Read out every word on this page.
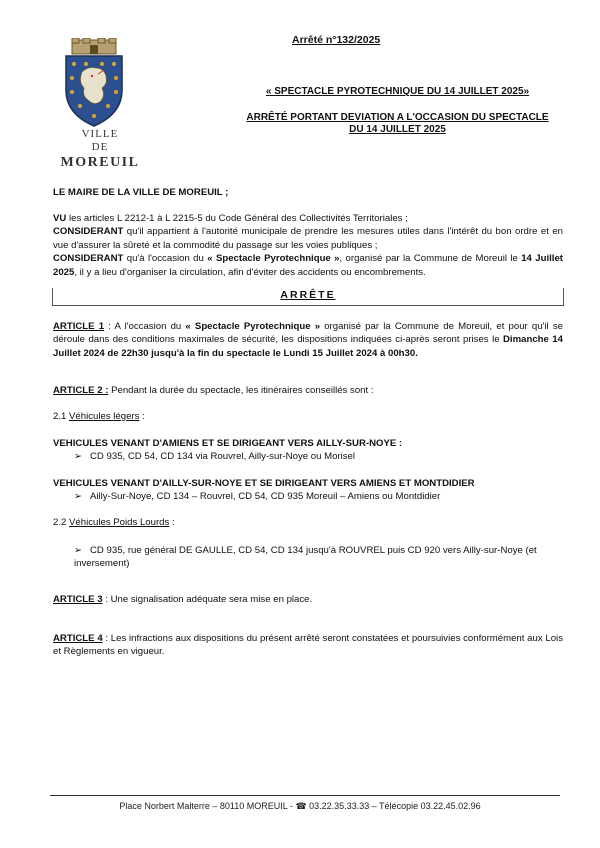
VILLE
DE
MOREUIL
Arrêté n°132/2025
« SPECTACLE PYROTECHNIQUE DU 14 JUILLET 2025»
ARRÊTÉ PORTANT DEVIATION A L'OCCASION DU SPECTACLE
DU 14 JUILLET 2025
LE MAIRE DE LA VILLE DE MOREUIL ;
VU les articles L 2212-1 à L 2215-5 du Code Général des Collectivités Territoriales ;
CONSIDERANT qu'il appartient à l'autorité municipale de prendre les mesures utiles dans l'intérêt du bon ordre et en vue d'assurer la sûreté et la commodité du passage sur les voies publiques ;
CONSIDERANT qu'à l'occasion du « Spectacle Pyrotechnique », organisé par la Commune de Moreuil le 14 Juillet 2025, il y a lieu d'organiser la circulation, afin d'éviter des accidents ou encombrements.
ARRÊTE
ARTICLE 1 : A l'occasion du « Spectacle Pyrotechnique » organisé par la Commune de Moreuil, et pour qu'il se déroule dans des conditions maximales de sécurité, les dispositions indiquées ci-après seront prises le Dimanche 14 Juillet 2024 de 22h30 jusqu'à la fin du spectacle le Lundi 15 Juillet 2024 à 00h30.
ARTICLE 2 : Pendant la durée du spectacle, les itinéraires conseillés sont :
2.1 Véhicules légers :
VEHICULES VENANT D'AMIENS ET SE DIRIGEANT VERS AILLY-SUR-NOYE :
➢ CD 935, CD 54, CD 134 via Rouvrel, Ailly-sur-Noye ou Morisel
VEHICULES VENANT D'AILLY-SUR-NOYE ET SE DIRIGEANT VERS AMIENS ET MONTDIDIER
➢ Ailly-Sur-Noye, CD 134 – Rouvrel, CD 54, CD 935 Moreuil – Amiens ou Montdidier
2.2 Véhicules Poids Lourds :
➢ CD 935, rue général DE GAULLE, CD 54, CD 134 jusqu'à ROUVREL puis CD 920 vers Ailly-sur-Noye (et inversement)
ARTICLE 3 : Une signalisation adéquate sera mise en place.
ARTICLE 4 : Les infractions aux dispositions du présent arrêté seront constatées et poursuivies conformément aux Lois et Règlements en vigueur.
Place Norbert Malterre – 80110 MOREUIL - ☎ 03.22.35.33.33 – Télécopie 03.22.45.02.96
